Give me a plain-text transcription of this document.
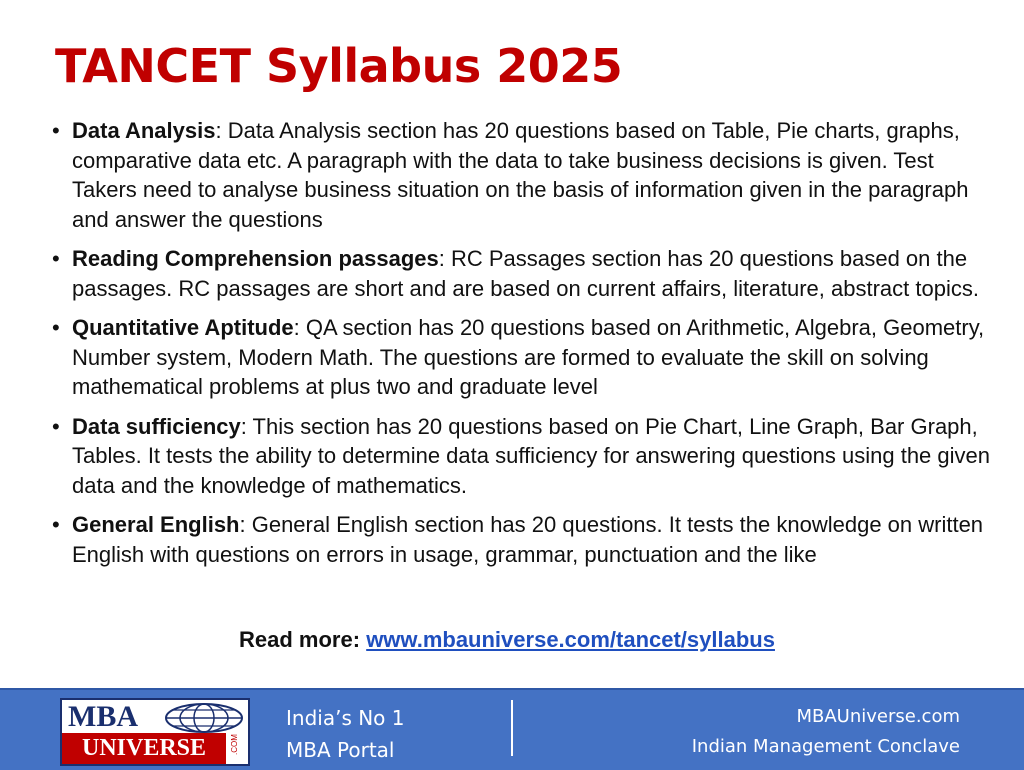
TANCET Syllabus 2025
• Data Analysis: Data Analysis section has 20 questions based on Table, Pie charts, graphs, comparative data etc. A paragraph with the data to take business decisions is given. Test Takers need to analyse business situation on the basis of information given in the paragraph and answer the questions
• Reading Comprehension passages: RC Passages section has 20 questions based on the passages. RC passages are short and are based on current affairs, literature, abstract topics.
• Quantitative Aptitude: QA section has 20 questions based on Arithmetic, Algebra, Geometry, Number system, Modern Math. The questions are formed to evaluate the skill on solving mathematical problems at plus two and graduate level
• Data sufficiency: This section has 20 questions based on Pie Chart, Line Graph, Bar Graph, Tables. It tests the ability to determine data sufficiency for answering questions using the given data and the knowledge of mathematics.
• General English: General English section has 20 questions. It tests the knowledge on written English with questions on errors in usage, grammar, punctuation and the like
Read more: www.mbauniverse.com/tancet/syllabus
MBA
UNIVERSE	.COM
India’s No 1
MBA Portal
MBAUniverse.com
Indian Management Conclave
